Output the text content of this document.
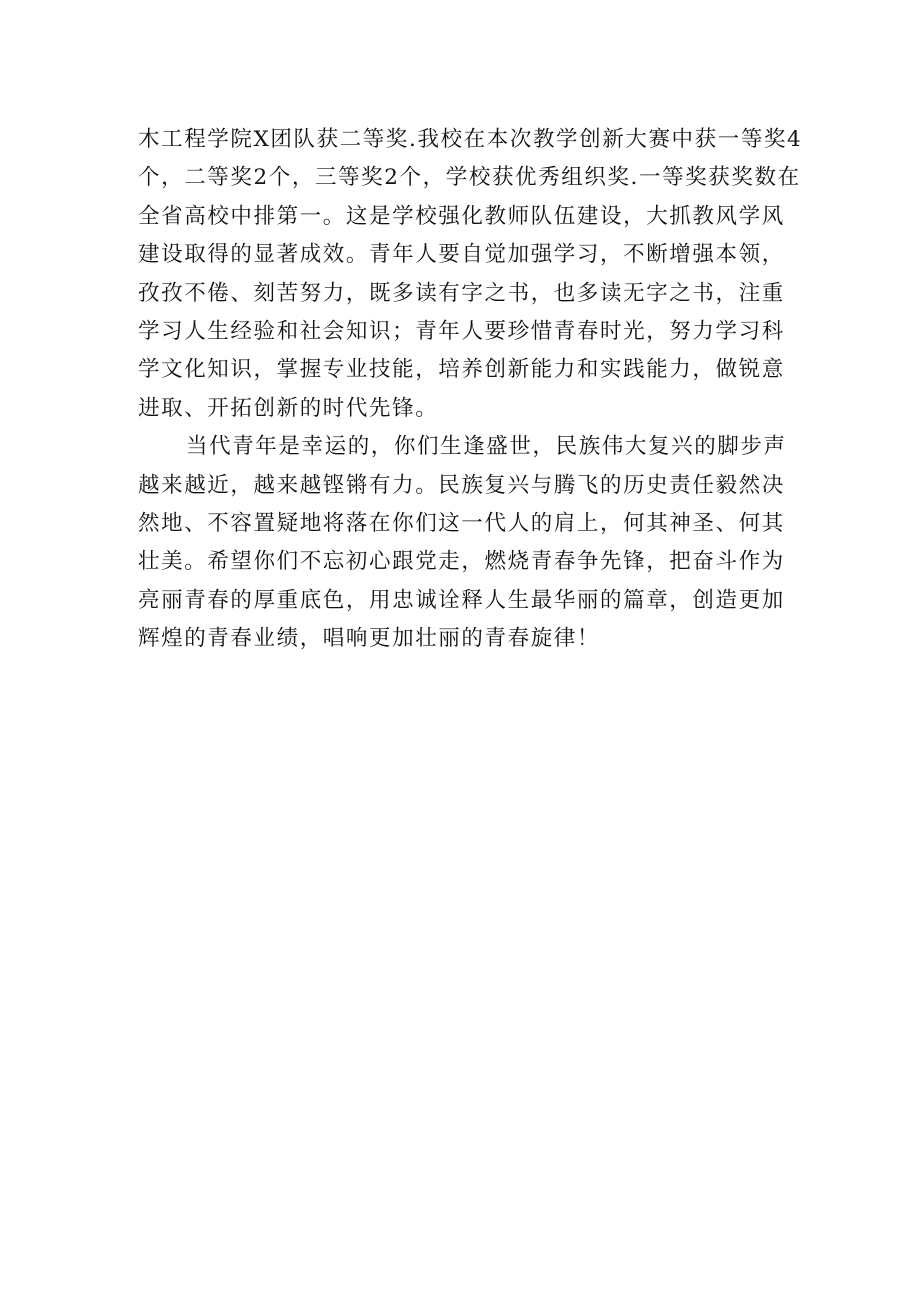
木工程学院X团队获二等奖.我校在本次教学创新大赛中获一等奖4
个，二等奖2个，三等奖2个，学校获优秀组织奖.一等奖获奖数在
全省高校中排第一。这是学校强化教师队伍建设，大抓教风学风
建设取得的显著成效。青年人要自觉加强学习，不断增强本领，
孜孜不倦、刻苦努力，既多读有字之书，也多读无字之书，注重
学习人生经验和社会知识；青年人要珍惜青春时光，努力学习科
学文化知识，掌握专业技能，培养创新能力和实践能力，做锐意
进取、开拓创新的时代先锋。
当代青年是幸运的，你们生逢盛世，民族伟大复兴的脚步声
越来越近，越来越铿锵有力。民族复兴与腾飞的历史责任毅然决
然地、不容置疑地将落在你们这一代人的肩上，何其神圣、何其
壮美。希望你们不忘初心跟党走，燃烧青春争先锋，把奋斗作为
亮丽青春的厚重底色，用忠诚诠释人生最华丽的篇章，创造更加
辉煌的青春业绩，唱响更加壮丽的青春旋律！
